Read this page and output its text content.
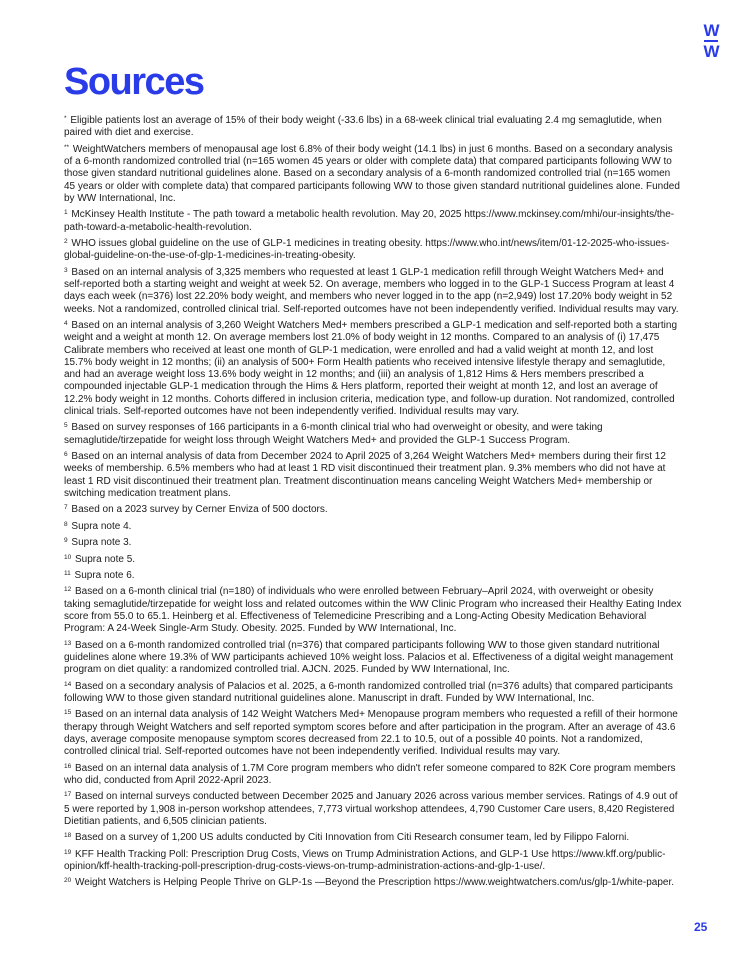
W
W
Sources

* Eligible patients lost an average of 15% of their body weight (-33.6 lbs) in a 68-week clinical trial evaluating 2.4 mg semaglutide, when paired with diet and exercise.

** WeightWatchers members of menopausal age lost 6.8% of their body weight (14.1 lbs) in just 6 months. Based on a secondary analysis of a 6-month randomized controlled trial (n=165 women 45 years or older with complete data) that compared participants following WW to those given standard nutritional guidelines alone. Based on a secondary analysis of a 6-month randomized controlled trial (n=165 women 45 years or older with complete data) that compared participants following WW to those given standard nutritional guidelines alone. Funded by WW International, Inc.

$^1$ McKinsey Health Institute - The path toward a metabolic health revolution. May 20, 2025 https://www.mckinsey.com/mhi/our-insights/the-path-toward-a-metabolic-health-revolution.

$^2$ WHO issues global guideline on the use of GLP-1 medicines in treating obesity. https://www.who.int/news/item/01-12-2025-who-issues-global-guideline-on-the-use-of-glp-1-medicines-in-treating-obesity.

$^3$ Based on an internal analysis of 3,325 members who requested at least 1 GLP-1 medication refill through Weight Watchers Med+ and self-reported both a starting weight and weight at week 52. On average, members who logged in to the GLP-1 Success Program at least 4 days each week (n=376) lost 22.20% body weight, and members who never logged in to the app (n=2,949) lost 17.20% body weight in 52 weeks. Not a randomized, controlled clinical trial. Self-reported outcomes have not been independently verified. Individual results may vary.

$^4$ Based on an internal analysis of 3,260 Weight Watchers Med+ members prescribed a GLP-1 medication and self-reported both a starting weight and a weight at month 12. On average members lost 21.0% of body weight in 12 months. Compared to an analysis of (i) 17,475 Calibrate members who received at least one month of GLP-1 medication, were enrolled and had a valid weight at month 12, and lost 15.7% body weight in 12 months; (ii) an analysis of 500+ Form Health patients who received intensive lifestyle therapy and semaglutide, and had an average weight loss 13.6% body weight in 12 months; and (iii) an analysis of 1,812 Hims & Hers members prescribed a compounded injectable GLP-1 medication through the Hims & Hers platform, reported their weight at month 12, and lost an average of 12.2% body weight in 12 months. Cohorts differed in inclusion criteria, medication type, and follow-up duration. Not randomized, controlled clinical trials. Self-reported outcomes have not been independently verified. Individual results may vary.

$^5$ Based on survey responses of 166 participants in a 6-month clinical trial who had overweight or obesity, and were taking semaglutide/tirzepatide for weight loss through Weight Watchers Med+ and provided the GLP-1 Success Program.

$^6$ Based on an internal analysis of data from December 2024 to April 2025 of 3,264 Weight Watchers Med+ members during their first 12 weeks of membership. 6.5% members who had at least 1 RD visit discontinued their treatment plan. 9.3% members who did not have at least 1 RD visit discontinued their treatment plan. Treatment discontinuation means canceling Weight Watchers Med+ membership or switching medication treatment plans.

$^7$ Based on a 2023 survey by Cerner Enviza of 500 doctors.

$^8$ Supra note 4.

$^9$ Supra note 3.

$^{10}$ Supra note 5.

$^{11}$ Supra note 6.

$^{12}$ Based on a 6-month clinical trial (n=180) of individuals who were enrolled between February–April 2024, with overweight or obesity taking semaglutide/tirzepatide for weight loss and related outcomes within the WW Clinic Program who increased their Healthy Eating Index score from 55.0 to 65.1. Heinberg et al. Effectiveness of Telemedicine Prescribing and a Long-Acting Obesity Medication Behavioral Program: A 24-Week Single-Arm Study. Obesity. 2025. Funded by WW International, Inc.

$^{13}$ Based on a 6-month randomized controlled trial (n=376) that compared participants following WW to those given standard nutritional guidelines alone where 19.3% of WW participants achieved 10% weight loss. Palacios et al. Effectiveness of a digital weight management program on diet quality: a randomized controlled trial. AJCN. 2025. Funded by WW International, Inc.

$^{14}$ Based on a secondary analysis of Palacios et al. 2025, a 6-month randomized controlled trial (n=376 adults) that compared participants following WW to those given standard nutritional guidelines alone. Manuscript in draft. Funded by WW International, Inc.

$^{15}$ Based on an internal data analysis of 142 Weight Watchers Med+ Menopause program members who requested a refill of their hormone therapy through Weight Watchers and self reported symptom scores before and after participation in the program. After an average of 43.6 days, average composite menopause symptom scores decreased from 22.1 to 10.5, out of a possible 40 points. Not a randomized, controlled clinical trial. Self-reported outcomes have not been independently verified. Individual results may vary.

$^{16}$ Based on an internal data analysis of 1.7M Core program members who didn't refer someone compared to 82K Core program members who did, conducted from April 2022-April 2023.

$^{17}$ Based on internal surveys conducted between December 2025 and January 2026 across various member services. Ratings of 4.9 out of 5 were reported by 1,908 in-person workshop attendees, 7,773 virtual workshop attendees, 4,790 Customer Care users, 8,420 Registered Dietitian patients, and 6,505 clinician patients.

$^{18}$ Based on a survey of 1,200 US adults conducted by Citi Innovation from Citi Research consumer team, led by Filippo Falorni.

$^{19}$ KFF Health Tracking Poll: Prescription Drug Costs, Views on Trump Administration Actions, and GLP-1 Use https://www.kff.org/public-opinion/kff-health-tracking-poll-prescription-drug-costs-views-on-trump-administration-actions-and-glp-1-use/.

$^{20}$ Weight Watchers is Helping People Thrive on GLP-1s —Beyond the Prescription https://www.weightwatchers.com/us/glp-1/white-paper.

25
